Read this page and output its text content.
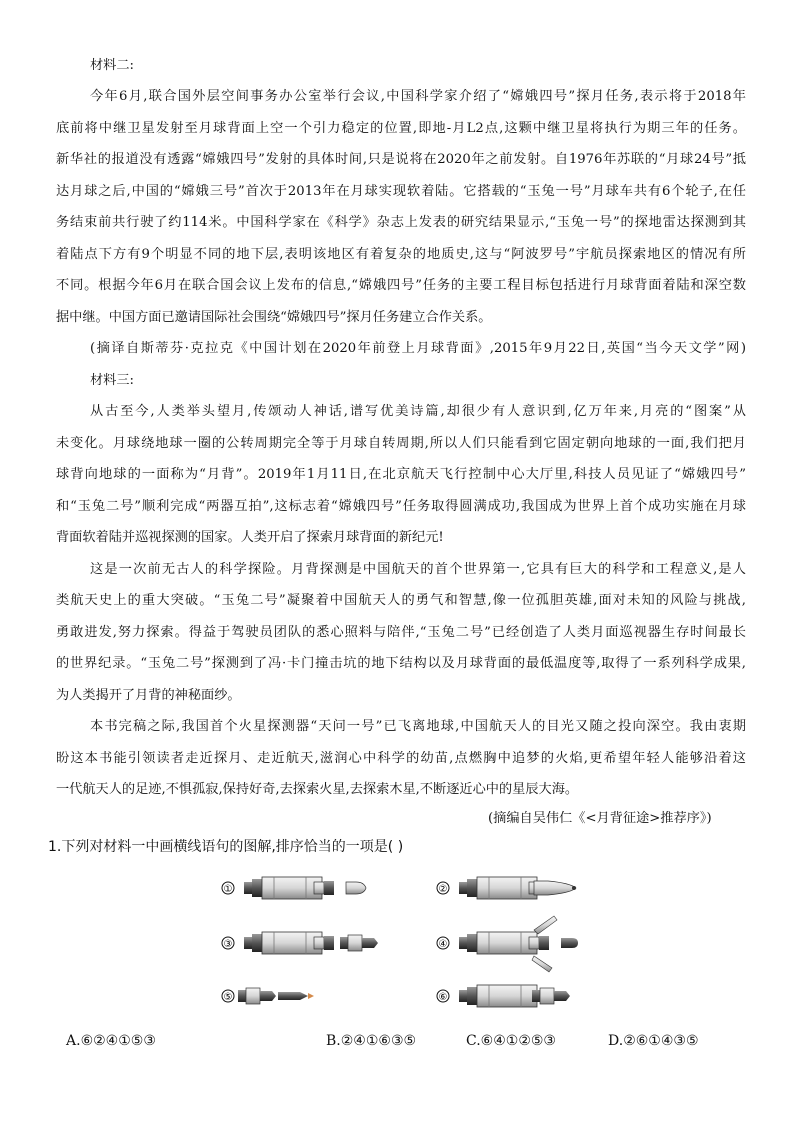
材料二:
今年6月,联合国外层空间事务办公室举行会议,中国科学家介绍了“嫦娥四号”探月任务,表示将于2018年
底前将中继卫星发射至月球背面上空一个引力稳定的位置,即地-月L2点,这颗中继卫星将执行为期三年的任务。
新华社的报道没有透露“嫦娥四号”发射的具体时间,只是说将在2020年之前发射。自1976年苏联的“月球24号”抵
达月球之后,中国的“嫦娥三号”首次于2013年在月球实现软着陆。它搭载的“玉兔一号”月球车共有6个轮子,在任
务结束前共行驶了约114米。中国科学家在《科学》杂志上发表的研究结果显示,“玉兔一号”的探地雷达探测到其
着陆点下方有9个明显不同的地下层,表明该地区有着复杂的地质史,这与“阿波罗号”宇航员探索地区的情况有所
不同。根据今年6月在联合国会议上发布的信息,“嫦娥四号”任务的主要工程目标包括进行月球背面着陆和深空数
据中继。中国方面已邀请国际社会围绕“嫦娥四号”探月任务建立合作关系。
(摘译自斯蒂芬·克拉克《中国计划在2020年前登上月球背面》,2015年9月22日,英国“当今天文学”网)
材料三:
从古至今,人类举头望月,传颂动人神话,谱写优美诗篇,却很少有人意识到,亿万年来,月亮的“图案”从
未变化。月球绕地球一圈的公转周期完全等于月球自转周期,所以人们只能看到它固定朝向地球的一面,我们把月
球背向地球的一面称为“月背”。2019年1月11日,在北京航天飞行控制中心大厅里,科技人员见证了“嫦娥四号”
和“玉兔二号”顺利完成“两器互拍”,这标志着“嫦娥四号”任务取得圆满成功,我国成为世界上首个成功实施在月球
背面软着陆并巡视探测的国家。人类开启了探索月球背面的新纪元!
这是一次前无古人的科学探险。月背探测是中国航天的首个世界第一,它具有巨大的科学和工程意义,是人
类航天史上的重大突破。“玉兔二号”凝聚着中国航天人的勇气和智慧,像一位孤胆英雄,面对未知的风险与挑战,
勇敢进发,努力探索。得益于驾驶员团队的悉心照料与陪伴,“玉兔二号”已经创造了人类月面巡视器生存时间最长
的世界纪录。“玉兔二号”探测到了冯·卡门撞击坑的地下结构以及月球背面的最低温度等,取得了一系列科学成果,
为人类揭开了月背的神秘面纱。
本书完稿之际,我国首个火星探测器“天问一号”已飞离地球,中国航天人的目光又随之投向深空。我由衷期
盼这本书能引领读者走近探月、走近航天,滋润心中科学的幼苗,点燃胸中追梦的火焰,更希望年轻人能够沿着这
一代航天人的足迹,不惧孤寂,保持好奇,去探索火星,去探索木星,不断逐近心中的星辰大海。
(摘编自吴伟仁《<月背征途>推荐序》)
1.下列对材料一中画横线语句的图解,排序恰当的一项是( )
①	②
③	④
⑤	⑥
A.⑥②④①⑤③	B.②④①⑥③⑤	C.⑥④①②⑤③	D.②⑥①④③⑤
